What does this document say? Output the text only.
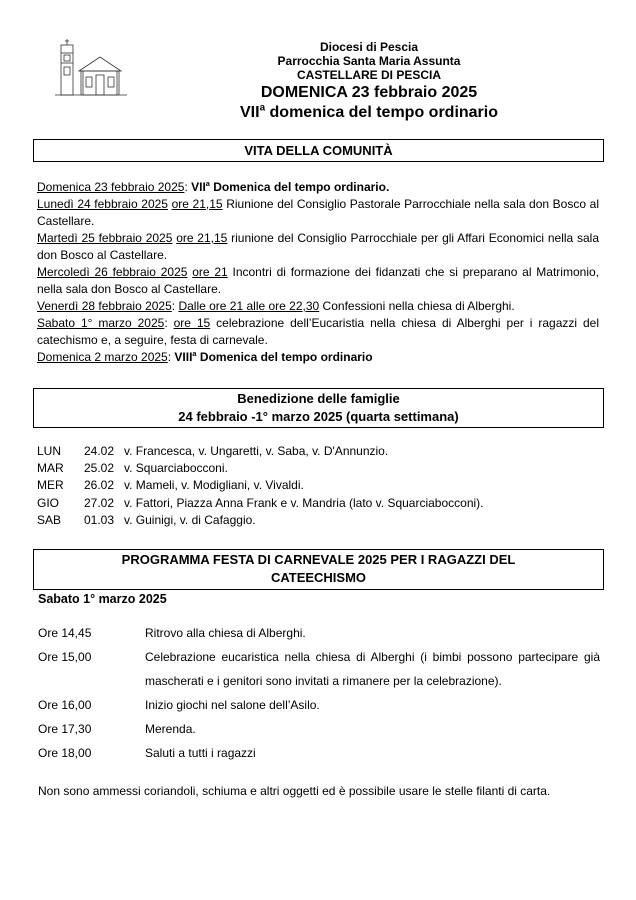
Diocesi di Pescia
Parrocchia Santa Maria Assunta
CASTELLARE DI PESCIA
DOMENICA 23 febbraio 2025
VII$^a$ domenica del tempo ordinario
VITA DELLA COMUNITÀ

Domenica 23 febbraio 2025: VII$^a$ Domenica del tempo ordinario.

Lunedì 24 febbraio 2025 ore 21,15 Riunione del Consiglio Pastorale Parrocchiale nella sala don Bosco al Castellare.

Martedì 25 febbraio 2025 ore 21,15 riunione del Consiglio Parrocchiale per gli Affari Economici nella sala don Bosco al Castellare.

Mercoledì 26 febbraio 2025 ore 21 Incontri di formazione dei fidanzati che si preparano al Matrimonio, nella sala don Bosco al Castellare.

Venerdì 28 febbraio 2025: Dalle ore 21 alle ore 22,30 Confessioni nella chiesa di Alberghi.

Sabato 1° marzo 2025: ore 15 celebrazione dell’Eucaristia nella chiesa di Alberghi per i ragazzi del catechismo e, a seguire, festa di carnevale.

Domenica 2 marzo 2025: VIII$^a$ Domenica del tempo ordinario

Benedizione delle famiglie
24 febbraio -1° marzo 2025 (quarta settimana)
LUN	24.02 v. Francesca, v. Ungaretti, v. Saba, v. D'Annunzio.
MAR	25.02 v. Squarciabocconi.
MER	26.02 v. Mameli, v. Modigliani, v. Vivaldi.
GIO	27.02 v. Fattori, Piazza Anna Frank e v. Mandria (lato v. Squarciabocconi).
SAB	01.03 v. Guinigi, v. di Cafaggio.
PROGRAMMA FESTA DI CARNEVALE 2025 PER I RAGAZZI DEL
CATEECHISMO
Sabato 1° marzo 2025
Ore 14,45	Ritrovo alla chiesa di Alberghi.
Ore 15,00	Celebrazione eucaristica nella chiesa di Alberghi (i bimbi possono partecipare già mascherati e i genitori sono invitati a rimanere per la celebrazione).
Ore 16,00	Inizio giochi nel salone dell’Asilo.
Ore 17,30	Merenda.
Ore 18,00	Saluti a tutti i ragazzi
Non sono ammessi coriandoli, schiuma e altri oggetti ed è possibile usare le stelle filanti di carta.
